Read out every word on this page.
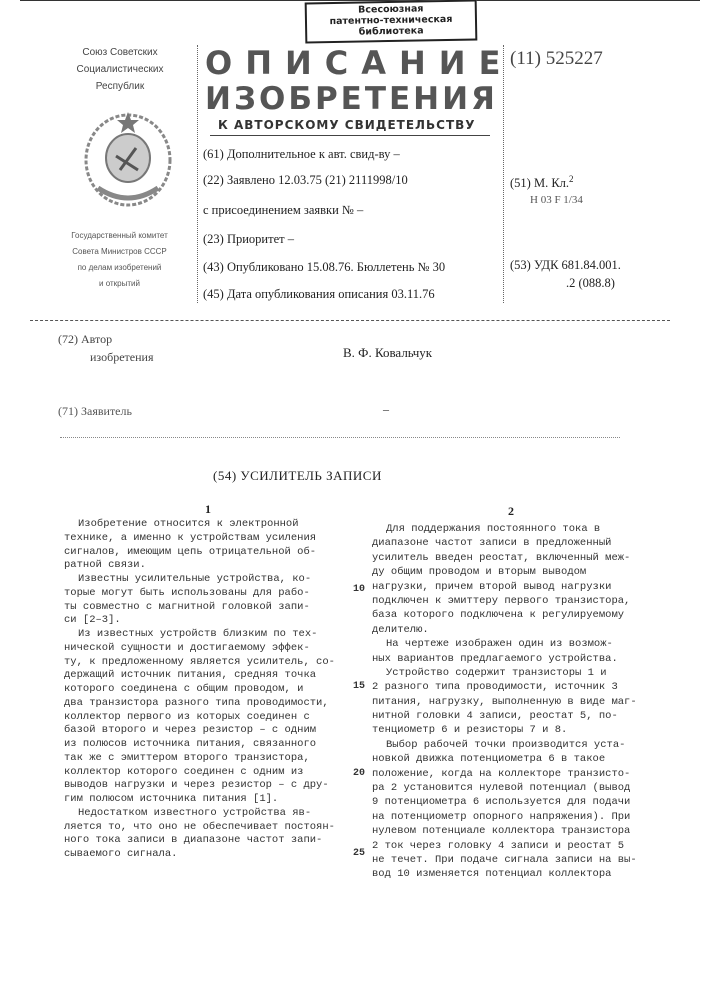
Союз Советских
Социалистических
Республик
Государственный комитет
Совета Министров СССР
по делам изобретений
и открытий
Всесоюзная
патентно-техническая
библиотека
ОПИСАНИЕ
ИЗОБРЕТЕНИЯ
К АВТОРСКОМУ СВИДЕТЕЛЬСТВУ
(61) Дополнительное к авт. свид-ву –
(22) Заявлено 12.03.75 (21) 2111998/10
с присоединением заявки № –
(23) Приоритет –
(43) Опубликовано 15.08.76. Бюллетень № 30
(45) Дата опубликования описания 03.11.76
(11) 525227
(51) М. Кл.2
Н 03 F 1/34
(53) УДК 681.84.001.
.2 (088.8)
(72) Автор
изобретения	В. Ф. Ковальчук
(71) Заявитель	–
(54) УСИЛИТЕЛЬ ЗАПИСИ
1	2
Изобретение относится к электронной
технике, а именно к устройствам усиления
сигналов, имеющим цепь отрицательной об-
ратной связи.
Известны усилительные устройства, ко-
торые могут быть использованы для рабо-
ты совместно с магнитной головкой запи-
си [2–3].
Из известных устройств близким по тех-
нической сущности и достигаемому эффек-
ту, к предложенному является усилитель, со-
держащий источник питания, средняя точка
которого соединена с общим проводом, и
два транзистора разного типа проводимости,
коллектор первого из которых соединен с
базой второго и через резистор – с одним
из полюсов источника питания, связанного
так же с эмиттером второго транзистора,
коллектор которого соединен с одним из
выводов нагрузки и через резистор – с дру-
гим полюсом источника питания [1].
Недостатком известного устройства яв-
ляется то, что оно не обеспечивает постоян-
ного тока записи в диапазоне частот запи-
сываемого сигнала.
Для поддержания постоянного тока в
диапазоне частот записи в предложенный
усилитель введен реостат, включенный меж-
ду общим проводом и вторым выводом
нагрузки, причем второй вывод нагрузки
подключен к эмиттеру первого транзистора,
база которого подключена к регулируемому
делителю.
На чертеже изображен один из возмож-
ных вариантов предлагаемого устройства.
Устройство содержит транзисторы 1 и
2 разного типа проводимости, источник 3
питания, нагрузку, выполненную в виде маг-
нитной головки 4 записи, реостат 5, по-
тенциометр 6 и резисторы 7 и 8.
Выбор рабочей точки производится уста-
новкой движка потенциометра 6 в такое
положение, когда на коллекторе транзисто-
ра 2 установится нулевой потенциал (вывод
9 потенциометра 6 используется для подачи
на потенциометр опорного напряжения). При
нулевом потенциале коллектора транзистора
2 ток через головку 4 записи и реостат 5
не течет. При подаче сигнала записи на вы-
вод 10 изменяется потенциал коллектора
10
15
20
25
